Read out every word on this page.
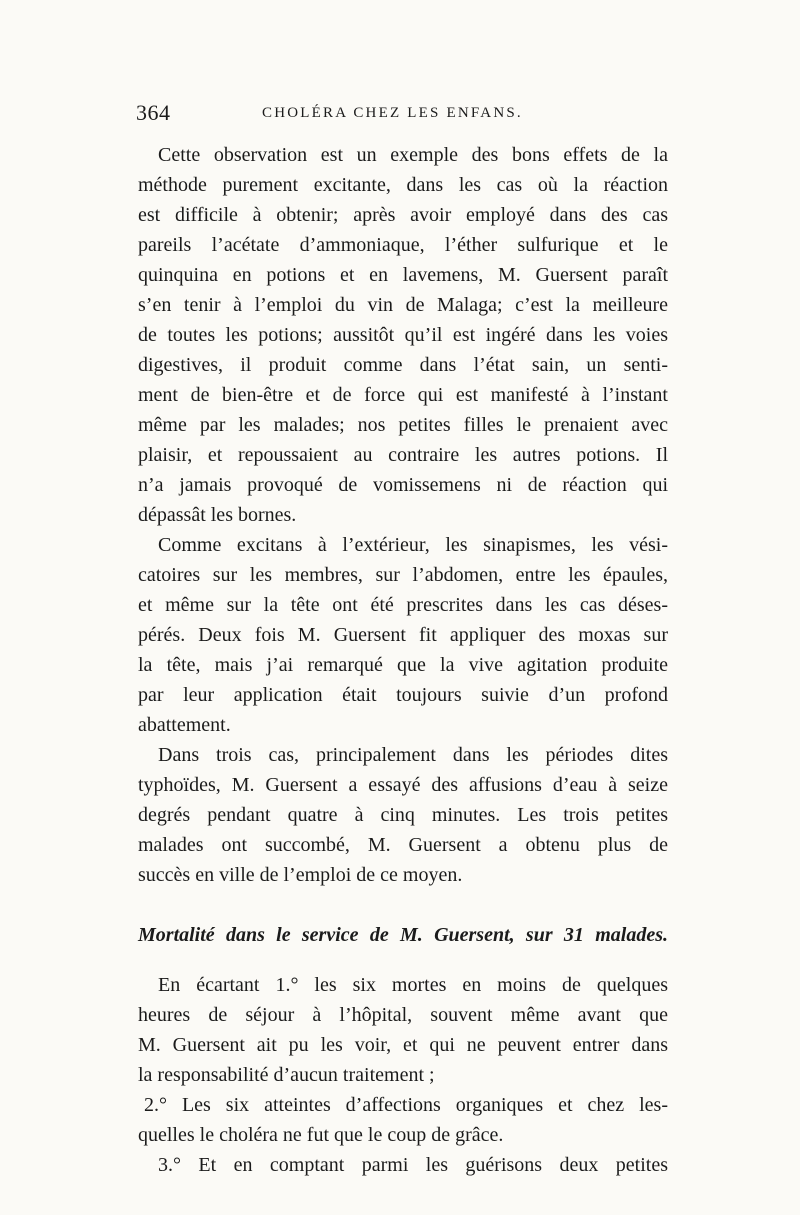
364	CHOLÉRA CHEZ LES ENFANS.
Cette observation est un exemple des bons effets de la
méthode purement excitante, dans les cas où la réaction
est difficile à obtenir; après avoir employé dans des cas
pareils l’acétate d’ammoniaque, l’éther sulfurique et le
quinquina en potions et en lavemens, M. Guersent paraît
s’en tenir à l’emploi du vin de Malaga; c’est la meilleure
de toutes les potions; aussitôt qu’il est ingéré dans les voies
digestives, il produit comme dans l’état sain, un senti-
ment de bien-être et de force qui est manifesté à l’instant
même par les malades; nos petites filles le prenaient avec
plaisir, et repoussaient au contraire les autres potions. Il
n’a jamais provoqué de vomissemens ni de réaction qui
dépassât les bornes.
Comme excitans à l’extérieur, les sinapismes, les vési-
catoires sur les membres, sur l’abdomen, entre les épaules,
et même sur la tête ont été prescrites dans les cas déses-
pérés. Deux fois M. Guersent fit appliquer des moxas sur
la tête, mais j’ai remarqué que la vive agitation produite
par leur application était toujours suivie d’un profond
abattement.
Dans trois cas, principalement dans les périodes dites
typhoïdes, M. Guersent a essayé des affusions d’eau à seize
degrés pendant quatre à cinq minutes. Les trois petites
malades ont succombé, M. Guersent a obtenu plus de
succès en ville de l’emploi de ce moyen.
Mortalité dans le service de M. Guersent, sur 31 malades.
En écartant 1.° les six mortes en moins de quelques
heures de séjour à l’hôpital, souvent même avant que
M. Guersent ait pu les voir, et qui ne peuvent entrer dans
la responsabilité d’aucun traitement ;
2.° Les six atteintes d’affections organiques et chez les-
quelles le choléra ne fut que le coup de grâce.
3.° Et en comptant parmi les guérisons deux petites
